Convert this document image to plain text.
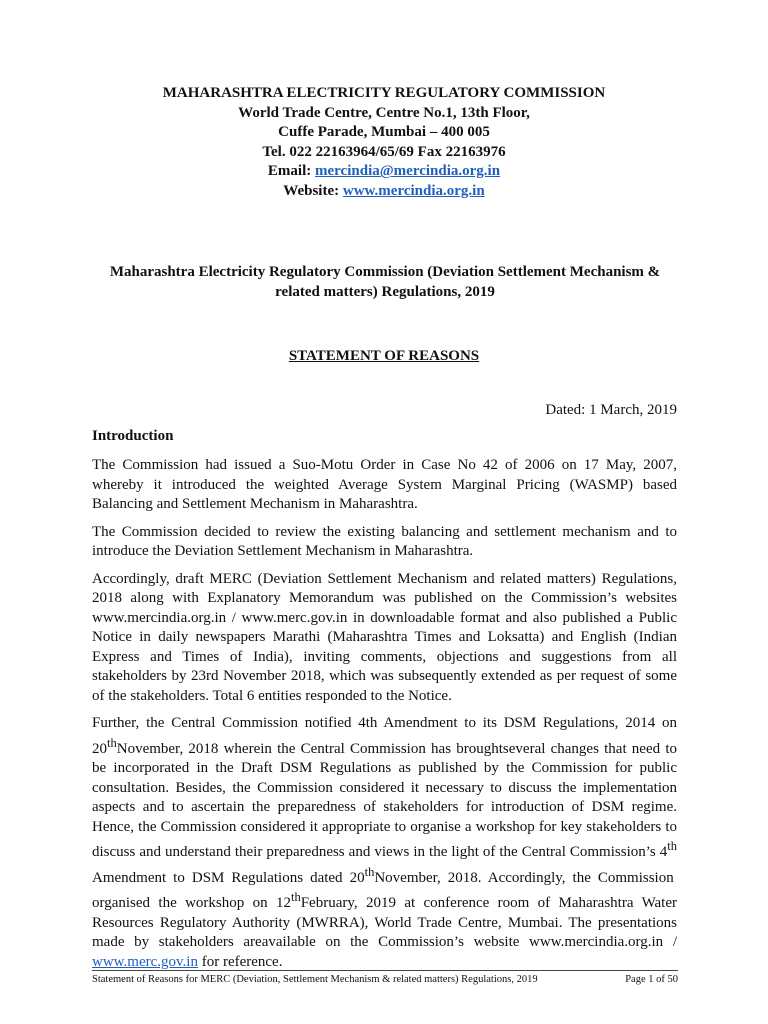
MAHARASHTRA ELECTRICITY REGULATORY COMMISSION
World Trade Centre, Centre No.1, 13th Floor,
Cuffe Parade, Mumbai – 400 005
Tel. 022 22163964/65/69 Fax 22163976
Email: mercindia@mercindia.org.in
Website: www.mercindia.org.in
Maharashtra Electricity Regulatory Commission (Deviation Settlement Mechanism & related matters) Regulations, 2019
STATEMENT OF REASONS
Dated: 1 March, 2019
Introduction

The Commission had issued a Suo-Motu Order in Case No 42 of 2006 on 17 May, 2007, whereby it introduced the weighted Average System Marginal Pricing (WASMP) based Balancing and Settlement Mechanism in Maharashtra.

The Commission decided to review the existing balancing and settlement mechanism and to introduce the Deviation Settlement Mechanism in Maharashtra.

Accordingly, draft MERC (Deviation Settlement Mechanism and related matters) Regulations, 2018 along with Explanatory Memorandum was published on the Commission’s websites www.mercindia.org.in / www.merc.gov.in in downloadable format and also published a Public Notice in daily newspapers Marathi (Maharashtra Times and Loksatta) and English (Indian Express and Times of India), inviting comments, objections and suggestions from all stakeholders by 23rd November 2018, which was subsequently extended as per request of some of the stakeholders. Total 6 entities responded to the Notice.

Further, the Central Commission notified 4th Amendment to its DSM Regulations, 2014 on 20thNovember, 2018 wherein the Central Commission has broughtseveral changes that need to be incorporated in the Draft DSM Regulations as published by the Commission for public consultation. Besides, the Commission considered it necessary to discuss the implementation aspects and to ascertain the preparedness of stakeholders for introduction of DSM regime. Hence, the Commission considered it appropriate to organise a workshop for key stakeholders to discuss and understand their preparedness and views in the light of the Central Commission’s 4th Amendment to DSM Regulations dated 20thNovember, 2018. Accordingly, the Commission organised the workshop on 12thFebruary, 2019 at conference room of Maharashtra Water Resources Regulatory Authority (MWRRA), World Trade Centre, Mumbai. The presentations made by stakeholders areavailable on the Commission’s website www.mercindia.org.in / www.merc.gov.in for reference.

Statement of Reasons for MERC (Deviation, Settlement Mechanism & related matters) Regulations, 2019	Page 1 of 50
